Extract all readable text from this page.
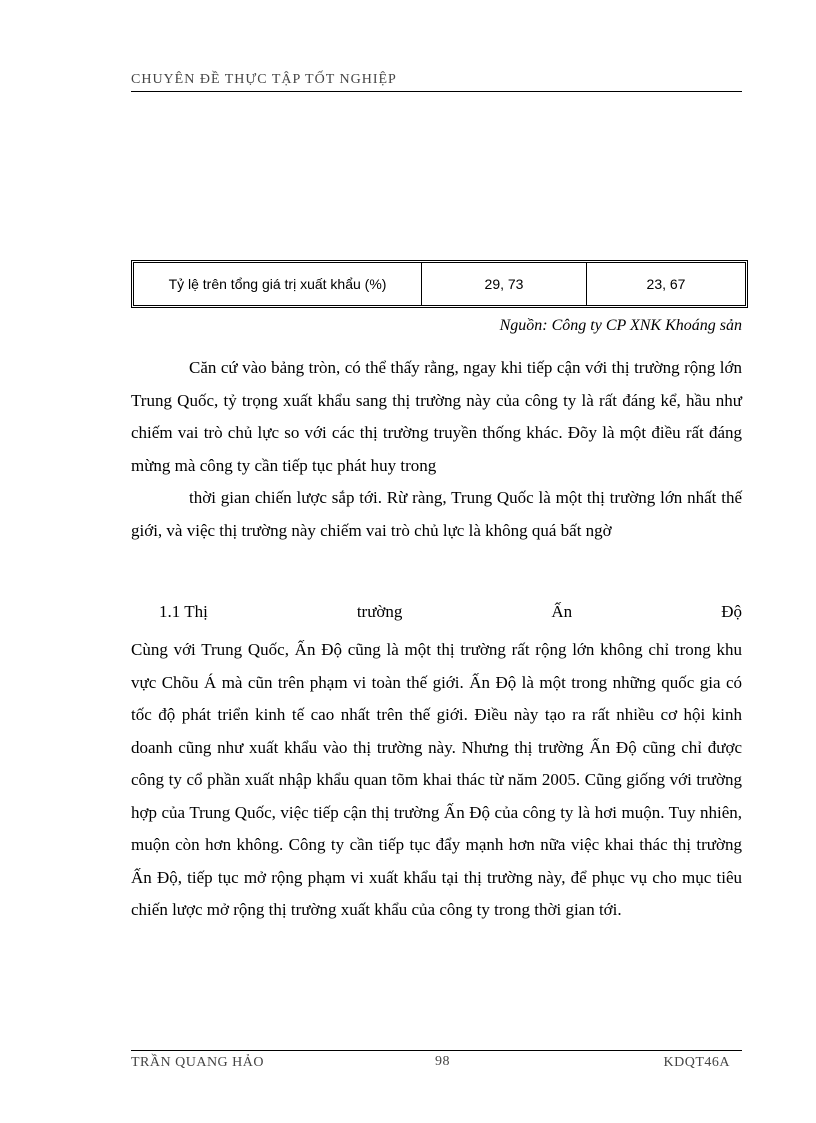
CHUYÊN ĐỀ THỰC TẬP TỐT NGHIỆP
Tỷ lệ trên tổng giá trị xuất khẩu (%)	29, 73	23, 67
Nguồn: Công ty CP XNK Khoáng sản

Căn cứ vào bảng tròn, có thể thấy rằng, ngay khi tiếp cận với thị trường rộng lớn Trung Quốc, tỷ trọng xuất khẩu sang thị trường này của công ty là rất đáng kể, hầu như chiếm vai trò chủ lực so với các thị trường truyền thống khác. Đõy là một điều rất đáng mừng mà công ty cần tiếp tục phát huy trong

thời gian chiến lược sắp tới. Rừ ràng, Trung Quốc là một thị trường lớn nhất thế giới, và việc thị trường này chiếm vai trò chủ lực là không quá bất ngờ

1.1 Thị	trường	Ấn	Độ

Cùng với Trung Quốc, Ấn Độ cũng là một thị trường rất rộng lớn không chỉ trong khu vực Chõu Á mà cũn trên phạm vi toàn thế giới. Ấn Độ là một trong những quốc gia có tốc độ phát triển kinh tế cao nhất trên thế giới. Điều này tạo ra rất nhiều cơ hội kinh doanh cũng như xuất khẩu vào thị trường này. Nhưng thị trường Ấn Độ cũng chỉ được công ty cổ phần xuất nhập khẩu quan tõm khai thác từ năm 2005. Cũng giống với trường hợp của Trung Quốc, việc tiếp cận thị trường Ấn Độ của công ty là hơi muộn. Tuy nhiên, muộn còn hơn không. Công ty cần tiếp tục đẩy mạnh hơn nữa việc khai thác thị trường Ấn Độ, tiếp tục mở rộng phạm vi xuất khẩu tại thị trường này, để phục vụ cho mục tiêu chiến lược mở rộng thị trường xuất khẩu của công ty trong thời gian tới.

TRẦN QUANG HẢO	98	KDQT46A
